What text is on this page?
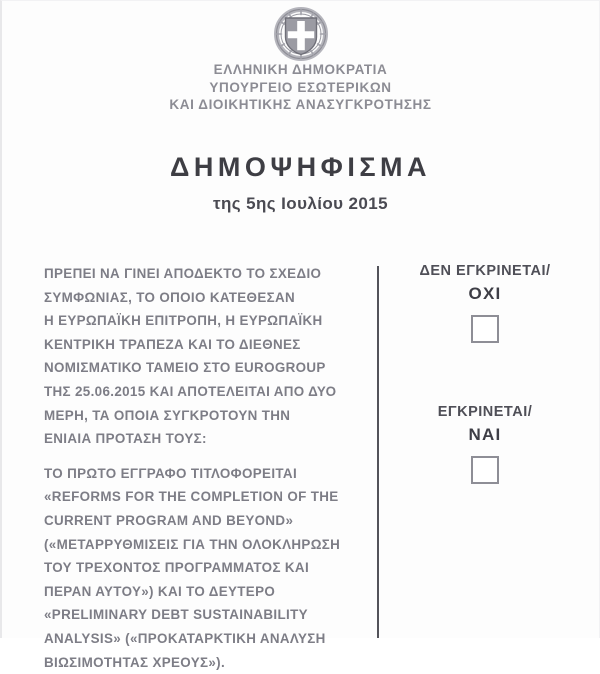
ΕΛΛΗΝΙΚΗ ΔΗΜΟΚΡΑΤΙΑ
ΥΠΟΥΡΓΕΙΟ ΕΣΩΤΕΡΙΚΩΝ
ΚΑΙ ΔΙΟΙΚΗΤΙΚΗΣ ΑΝΑΣΥΓΚΡΟΤΗΣΗΣ
ΔΗΜΟΨΗΦΙΣΜΑ
της 5ης Ιουλίου 2015
ΠΡΕΠΕΙ ΝΑ ΓΙΝΕΙ ΑΠΟΔΕΚΤΟ ΤΟ ΣΧΕΔΙΟ
ΣΥΜΦΩΝΙΑΣ, ΤΟ ΟΠΟΙΟ ΚΑΤΕΘΕΣΑΝ
Η ΕΥΡΩΠΑΪΚΗ ΕΠΙΤΡΟΠΗ, Η ΕΥΡΩΠΑΪΚΗ
ΚΕΝΤΡΙΚΗ ΤΡΑΠΕΖΑ ΚΑΙ ΤΟ ΔΙΕΘΝΕΣ
ΝΟΜΙΣΜΑΤΙΚΟ ΤΑΜΕΙΟ ΣΤΟ EUROGROUP
ΤΗΣ 25.06.2015 ΚΑΙ ΑΠΟΤΕΛΕΙΤΑΙ ΑΠΟ ΔΥΟ
ΜΕΡΗ, ΤΑ ΟΠΟΙΑ ΣΥΓΚΡΟΤΟΥΝ ΤΗΝ
ΕΝΙΑΙΑ ΠΡΟΤΑΣΗ ΤΟΥΣ:
ΤΟ ΠΡΩΤΟ ΕΓΓΡΑΦΟ ΤΙΤΛΟΦΟΡΕΙΤΑΙ
«REFORMS FOR THE COMPLETION OF THE
CURRENT PROGRAM AND BEYOND»
(«ΜΕΤΑΡΡΥΘΜΙΣΕΙΣ ΓΙΑ ΤΗΝ ΟΛΟΚΛΗΡΩΣΗ
ΤΟΥ ΤΡΕΧΟΝΤΟΣ ΠΡΟΓΡΑΜΜΑΤΟΣ ΚΑΙ
ΠΕΡΑΝ ΑΥΤΟΥ») ΚΑΙ ΤΟ ΔΕΥΤΕΡΟ
«PRELIMINARY DEBT SUSTAINABILITY
ANALYSIS» («ΠΡΟΚΑΤΑΡΚΤΙΚΗ ΑΝΑΛΥΣΗ
ΒΙΩΣΙΜΟΤΗΤΑΣ ΧΡΕΟΥΣ»).
ΔΕΝ ΕΓΚΡΙΝΕΤΑΙ/
ΟΧΙ
ΕΓΚΡΙΝΕΤΑΙ/
ΝΑΙ
